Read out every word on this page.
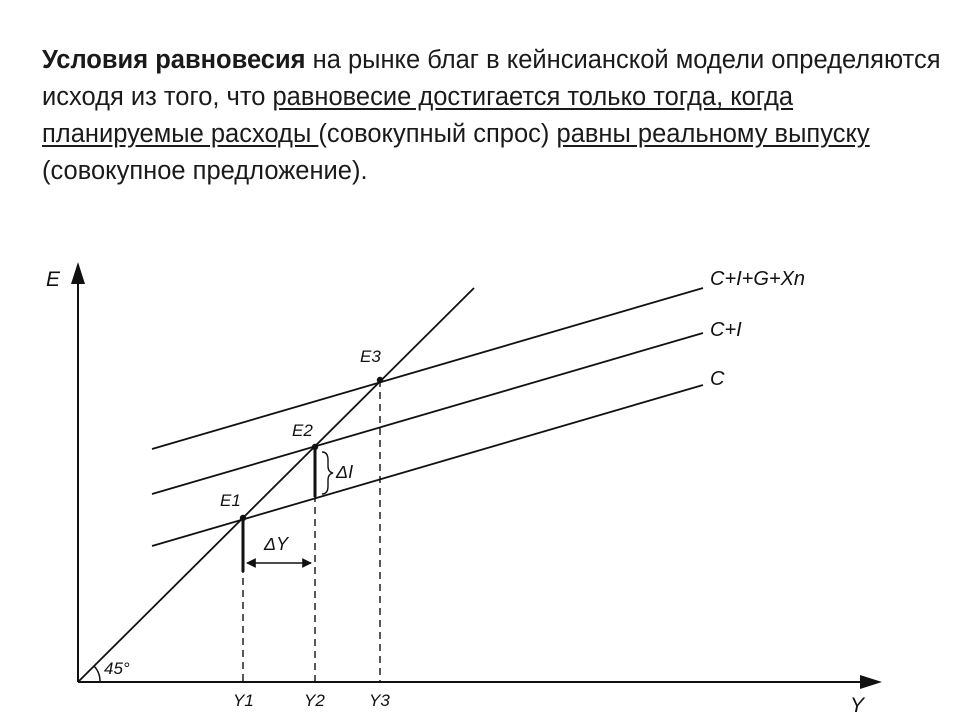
Условия равновесия на рынке благ в кейнсианской модели определяются исходя из того, что равновесие достигается только тогда, когда планируемые расходы (совокупный спрос) равны реальному выпуску (совокупное предложение).

E
Y
45°
C+I+G+Xn
C+I
C
E1
E2
E3
ΔI
ΔY
Y1	Y2	Y3
